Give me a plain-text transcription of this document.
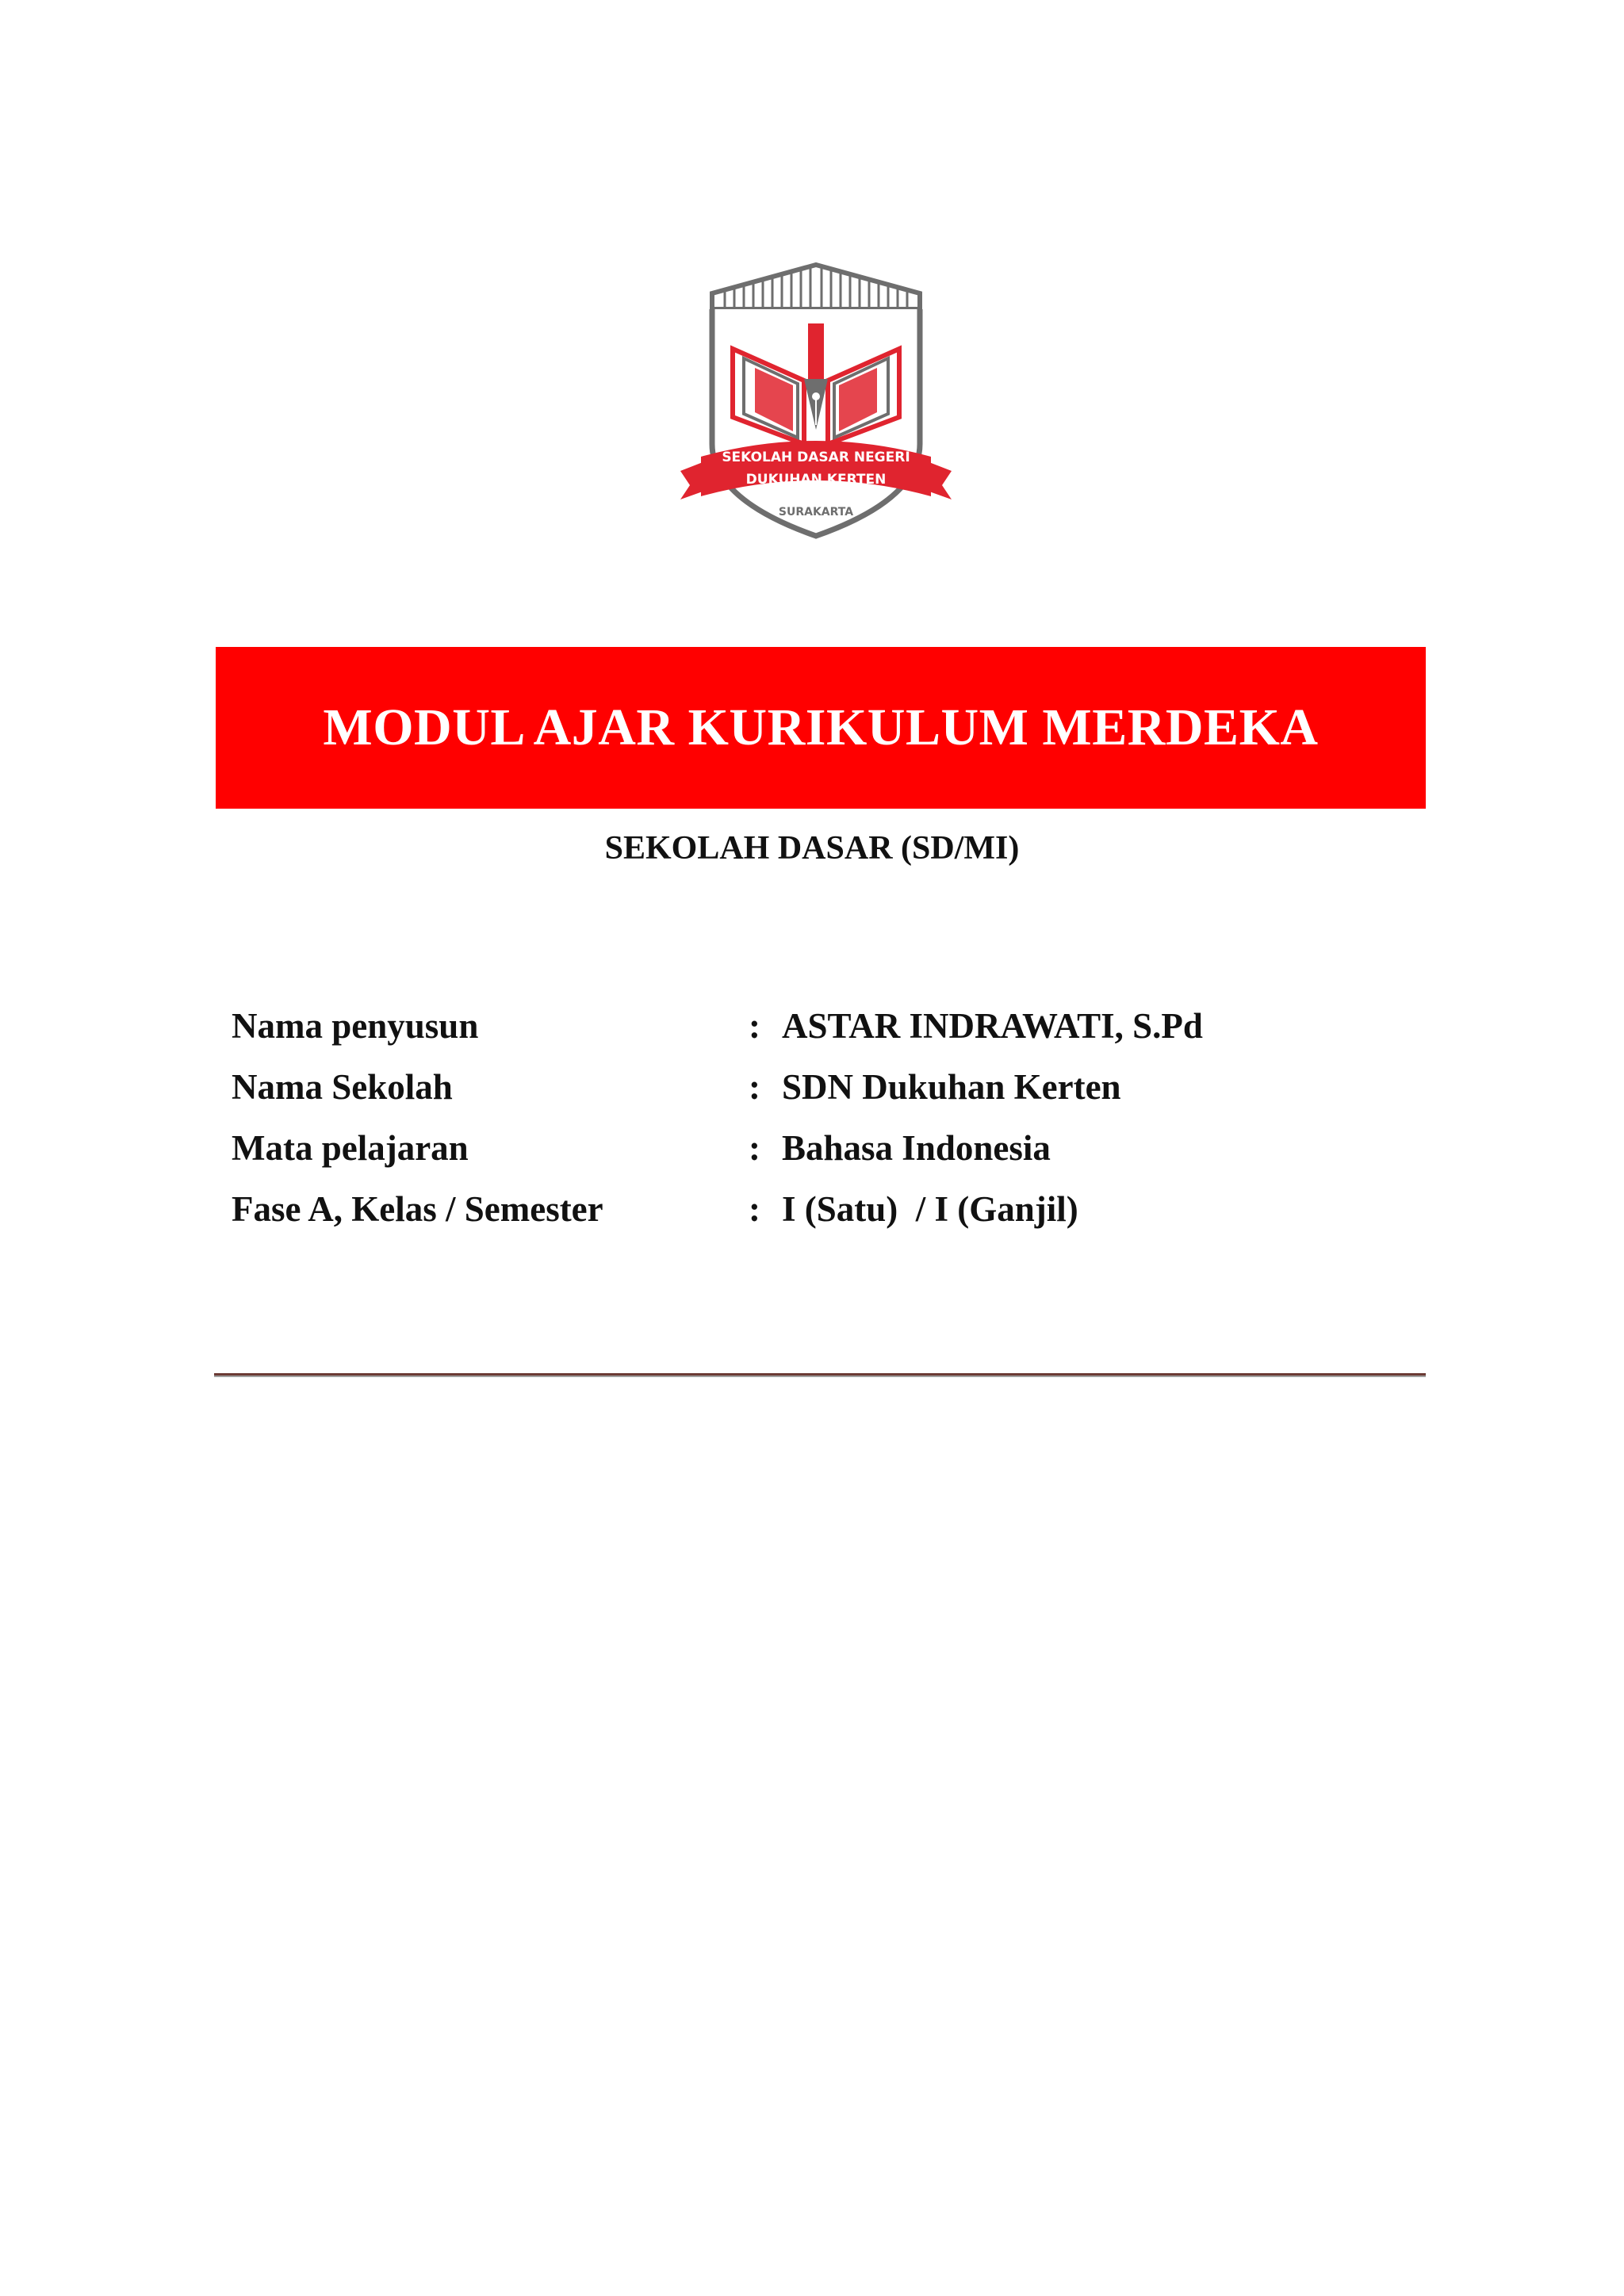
SEKOLAH DASAR NEGERI
DUKUHAN KERTEN
SURAKARTA
MODUL AJAR KURIKULUM MERDEKA
SEKOLAH DASAR (SD/MI)
Nama penyusun	: ASTAR INDRAWATI, S.Pd
Nama Sekolah	: SDN Dukuhan Kerten
Mata pelajaran	: Bahasa Indonesia
Fase A, Kelas / Semester	: I (Satu)  / I (Ganjil)
